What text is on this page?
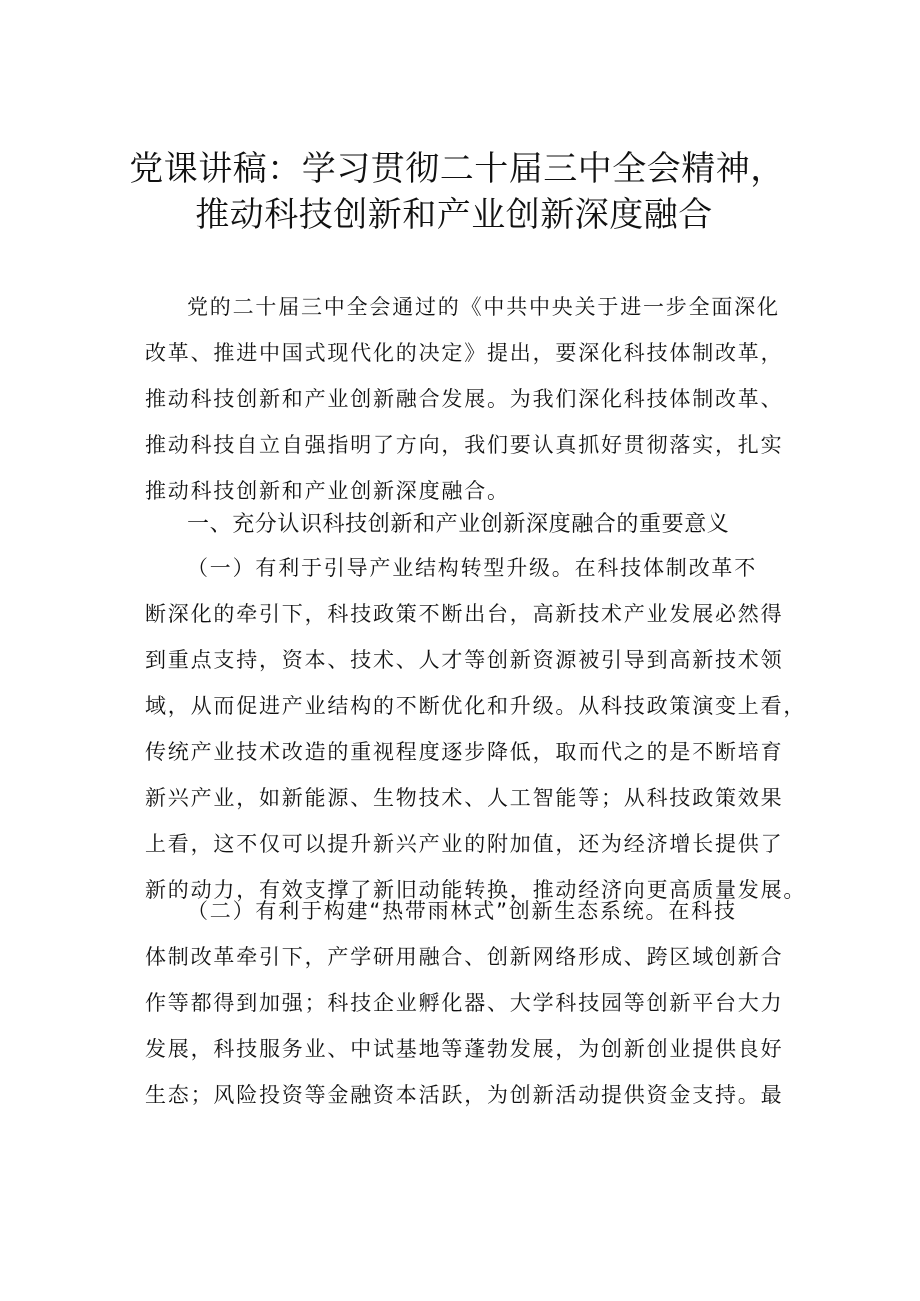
党课讲稿：学习贯彻二十届三中全会精神，
推动科技创新和产业创新深度融合

党的二十届三中全会通过的《中共中央关于进一步全面深化
改革、推进中国式现代化的决定》提出，要深化科技体制改革，
推动科技创新和产业创新融合发展。为我们深化科技体制改革、
推动科技自立自强指明了方向，我们要认真抓好贯彻落实，扎实
推动科技创新和产业创新深度融合。

一、充分认识科技创新和产业创新深度融合的重要意义

（一）有利于引导产业结构转型升级。在科技体制改革不
断深化的牵引下，科技政策不断出台，高新技术产业发展必然得
到重点支持，资本、技术、人才等创新资源被引导到高新技术领
域，从而促进产业结构的不断优化和升级。从科技政策演变上看，
传统产业技术改造的重视程度逐步降低，取而代之的是不断培育
新兴产业，如新能源、生物技术、人工智能等；从科技政策效果
上看，这不仅可以提升新兴产业的附加值，还为经济增长提供了
新的动力，有效支撑了新旧动能转换，推动经济向更高质量发展。

（二）有利于构建“热带雨林式”创新生态系统。在科技
体制改革牵引下，产学研用融合、创新网络形成、跨区域创新合
作等都得到加强；科技企业孵化器、大学科技园等创新平台大力
发展，科技服务业、中试基地等蓬勃发展，为创新创业提供良好
生态；风险投资等金融资本活跃，为创新活动提供资金支持。最
